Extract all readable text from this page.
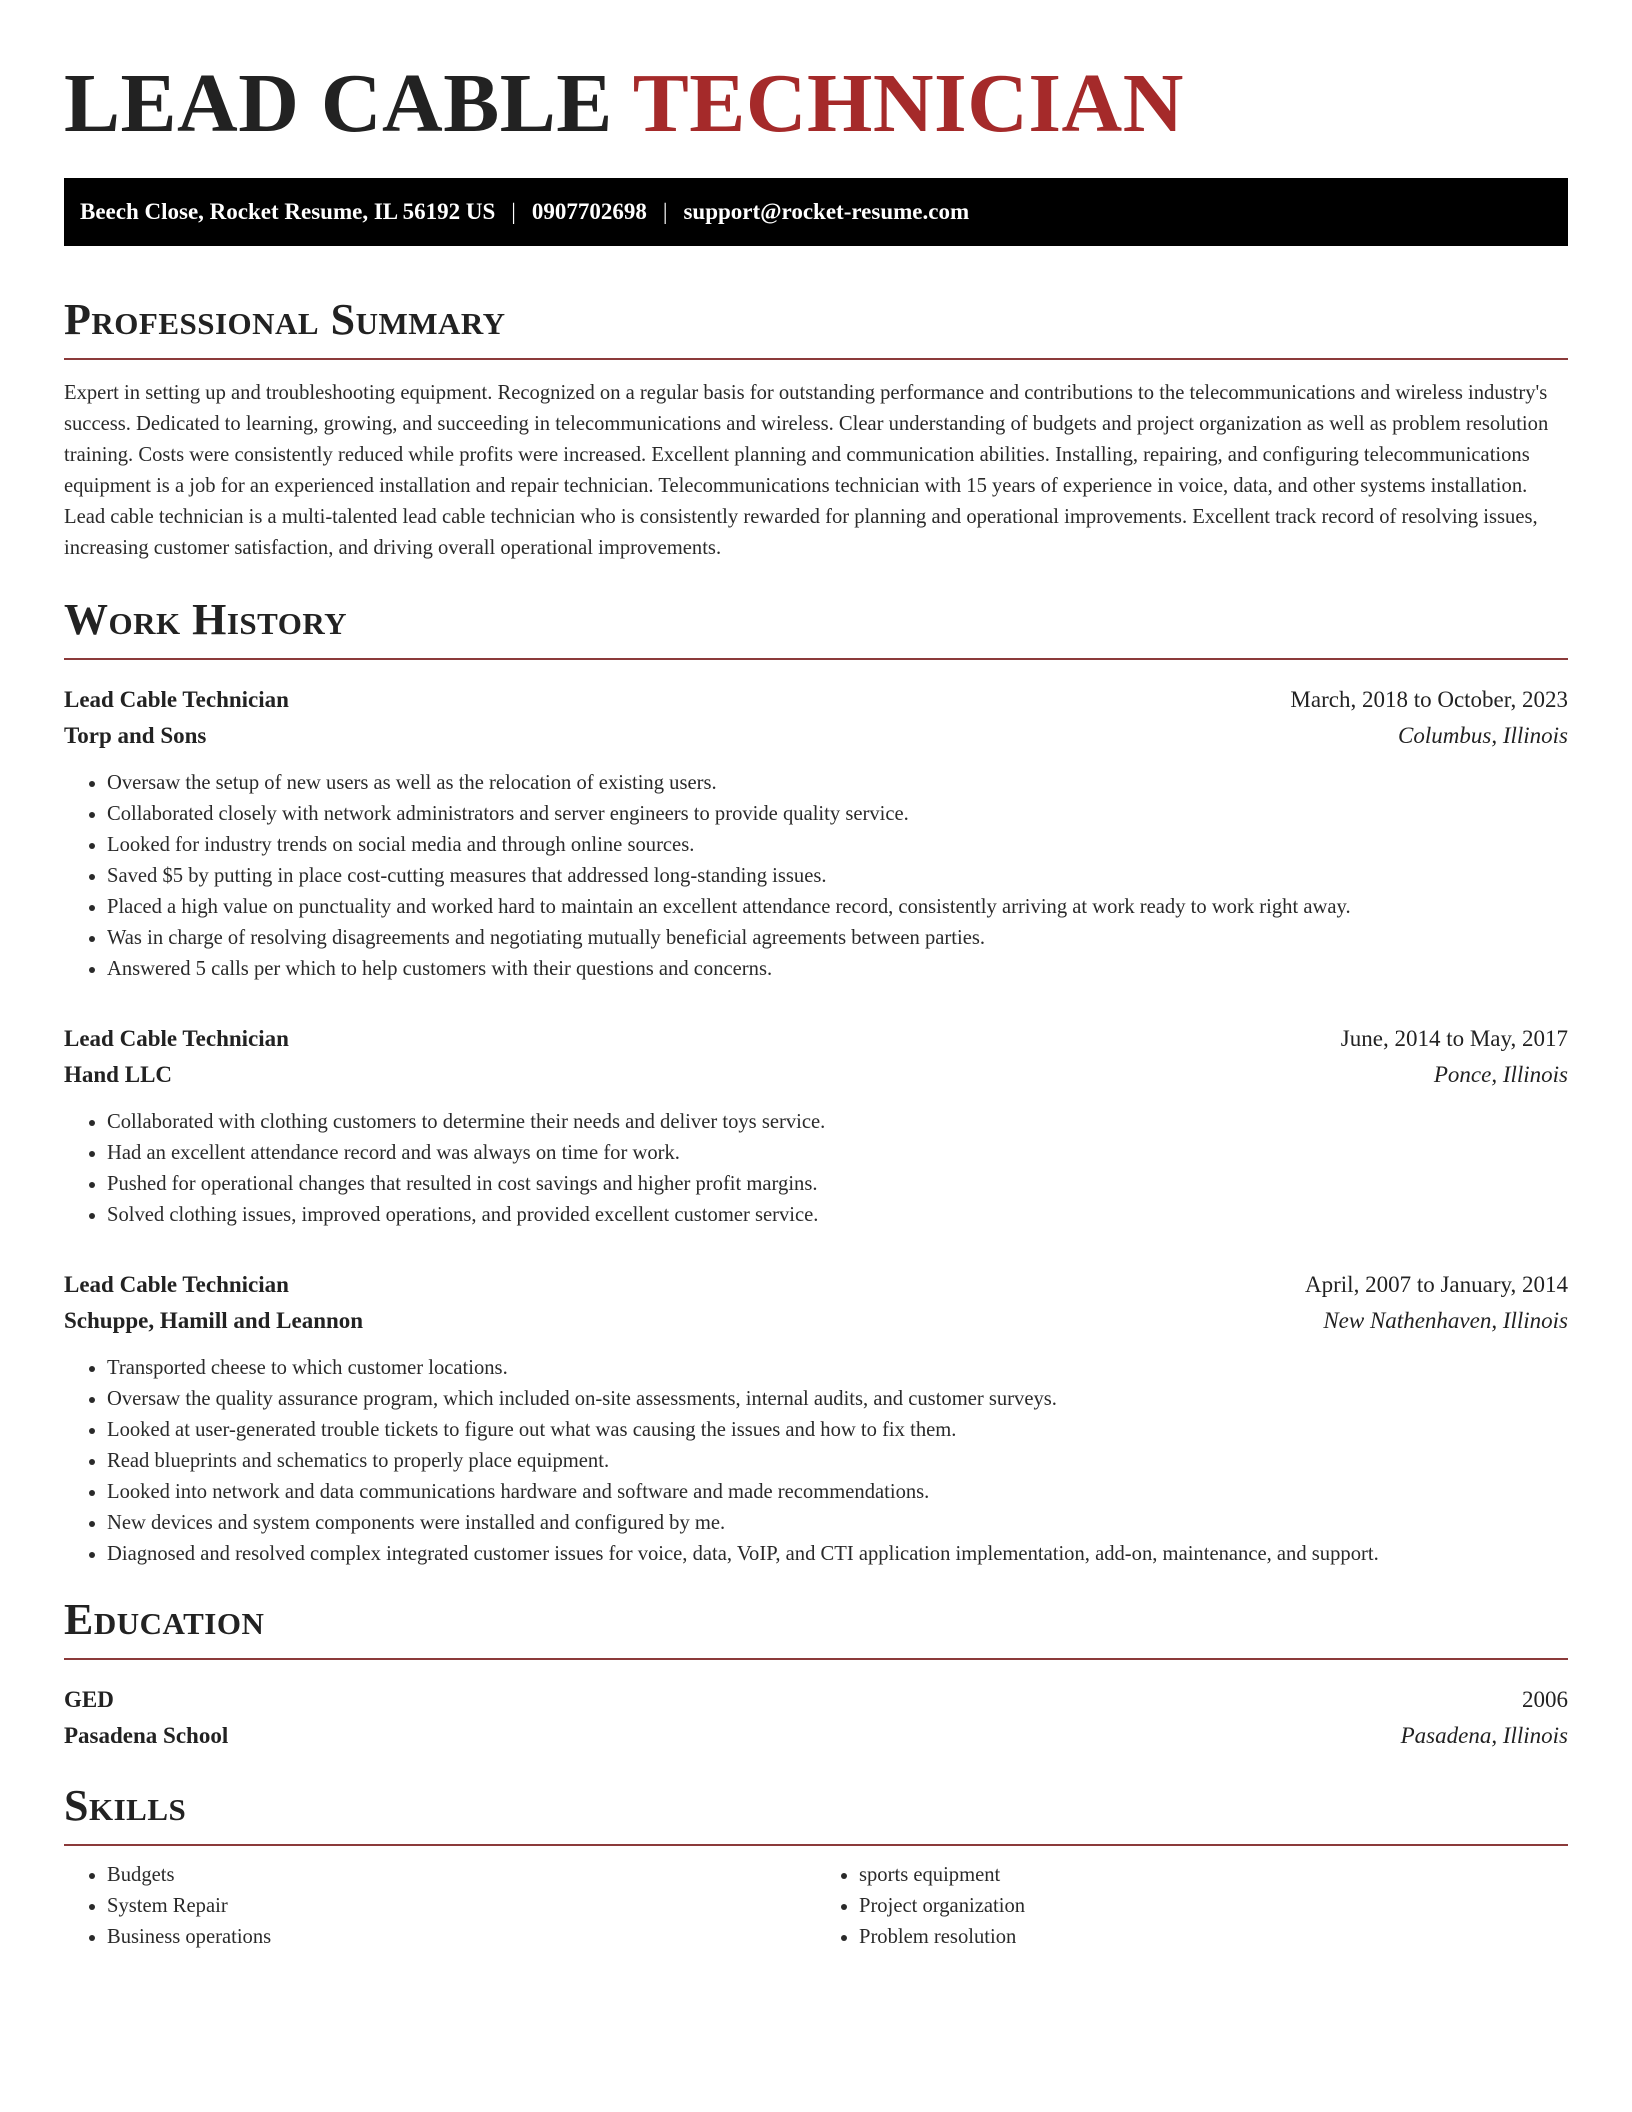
LEAD CABLE TECHNICIAN
Beech Close, Rocket Resume, IL 56192 US | 0907702698 | support@rocket-resume.com
Professional Summary

Expert in setting up and troubleshooting equipment. Recognized on a regular basis for outstanding performance and contributions to the telecommunications and wireless industry's success. Dedicated to learning, growing, and succeeding in telecommunications and wireless. Clear understanding of budgets and project organization as well as problem resolution training. Costs were consistently reduced while profits were increased. Excellent planning and communication abilities. Installing, repairing, and configuring telecommunications equipment is a job for an experienced installation and repair technician. Telecommunications technician with 15 years of experience in voice, data, and other systems installation. Lead cable technician is a multi-talented lead cable technician who is consistently rewarded for planning and operational improvements. Excellent track record of resolving issues, increasing customer satisfaction, and driving overall operational improvements.

Work History
Lead Cable Technician	March, 2018 to October, 2023
Torp and Sons	Columbus, Illinois
• Oversaw the setup of new users as well as the relocation of existing users.
• Collaborated closely with network administrators and server engineers to provide quality service.
• Looked for industry trends on social media and through online sources.
• Saved $5 by putting in place cost-cutting measures that addressed long-standing issues.
• Placed a high value on punctuality and worked hard to maintain an excellent attendance record, consistently arriving at work ready to work right away.
• Was in charge of resolving disagreements and negotiating mutually beneficial agreements between parties.
• Answered 5 calls per which to help customers with their questions and concerns.
Lead Cable Technician	June, 2014 to May, 2017
Hand LLC	Ponce, Illinois
• Collaborated with clothing customers to determine their needs and deliver toys service.
• Had an excellent attendance record and was always on time for work.
• Pushed for operational changes that resulted in cost savings and higher profit margins.
• Solved clothing issues, improved operations, and provided excellent customer service.
Lead Cable Technician	April, 2007 to January, 2014
Schuppe, Hamill and Leannon	New Nathenhaven, Illinois
• Transported cheese to which customer locations.
• Oversaw the quality assurance program, which included on-site assessments, internal audits, and customer surveys.
• Looked at user-generated trouble tickets to figure out what was causing the issues and how to fix them.
• Read blueprints and schematics to properly place equipment.
• Looked into network and data communications hardware and software and made recommendations.
• New devices and system components were installed and configured by me.
• Diagnosed and resolved complex integrated customer issues for voice, data, VoIP, and CTI application implementation, add-on, maintenance, and support.
Education
GED	2006
Pasadena School	Pasadena, Illinois
Skills
• Budgets
• System Repair
• Business operations
• sports equipment
• Project organization
• Problem resolution
